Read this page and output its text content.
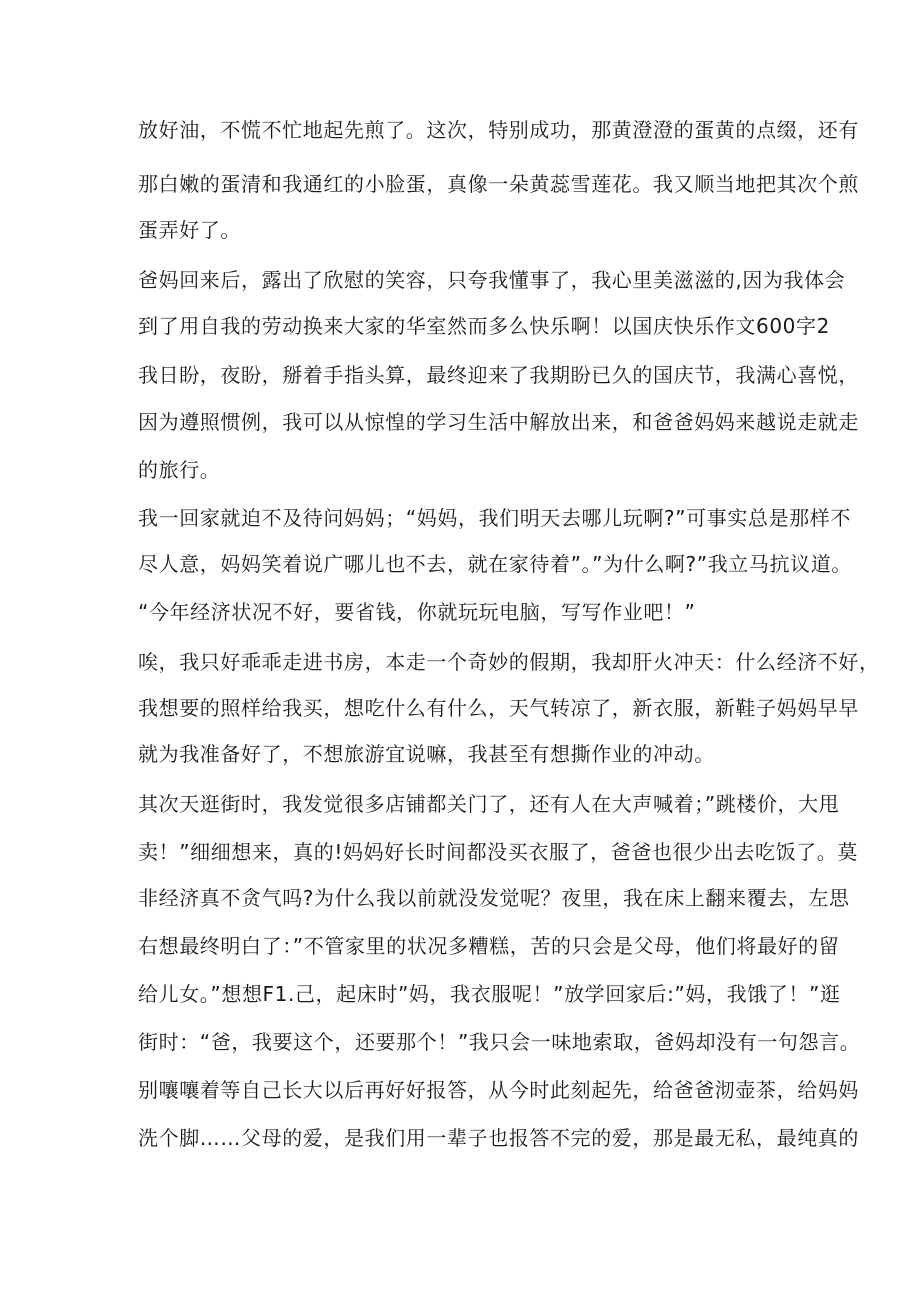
放好油，不慌不忙地起先煎了。这次，特别成功，那黄澄澄的蛋黄的点缀，还有
那白嫩的蛋清和我通红的小脸蛋，真像一朵黄蕊雪莲花。我又顺当地把其次个煎
蛋弄好了。
爸妈回来后，露出了欣慰的笑容，只夸我懂事了，我心里美滋滋的,因为我体会
到了用自我的劳动换来大家的华室然而多么快乐啊！以国庆快乐作文600字2
我日盼，夜盼，掰着手指头算，最终迎来了我期盼已久的国庆节，我满心喜悦，
因为遵照惯例，我可以从惊惶的学习生活中解放出来，和爸爸妈妈来越说走就走
的旅行。
我一回家就迫不及待问妈妈；“妈妈，我们明天去哪儿玩啊?”可事实总是那样不
尽人意，妈妈笑着说广哪儿也不去，就在家待着”。”为什么啊?”我立马抗议道。
“今年经济状况不好，要省钱，你就玩玩电脑，写写作业吧！”
唉，我只好乖乖走进书房，本走一个奇妙的假期，我却肝火冲天：什么经济不好，
我想要的照样给我买，想吃什么有什么，天气转凉了，新衣服，新鞋子妈妈早早
就为我准备好了，不想旅游宜说嘛，我甚至有想撕作业的冲动。
其次天逛街时，我发觉很多店铺都关门了，还有人在大声喊着；”跳楼价，大甩
卖！”细细想来，真的!妈妈好长时间都没买衣服了，爸爸也很少出去吃饭了。莫
非经济真不贪气吗?为什么我以前就没发觉呢？夜里，我在床上翻来覆去，左思
右想最终明白了：”不管家里的状况多糟糕，苦的只会是父母，他们将最好的留
给儿女。”想想F1.己，起床时”妈，我衣服呢！”放学回家后:”妈，我饿了！”逛
街时：“爸，我要这个，还要那个！”我只会一味地索取，爸妈却没有一句怨言。
别嚷嚷着等自己长大以后再好好报答，从今时此刻起先，给爸爸沏壶茶，给妈妈
洗个脚……父母的爱，是我们用一辈子也报答不完的爱，那是最无私，最纯真的
